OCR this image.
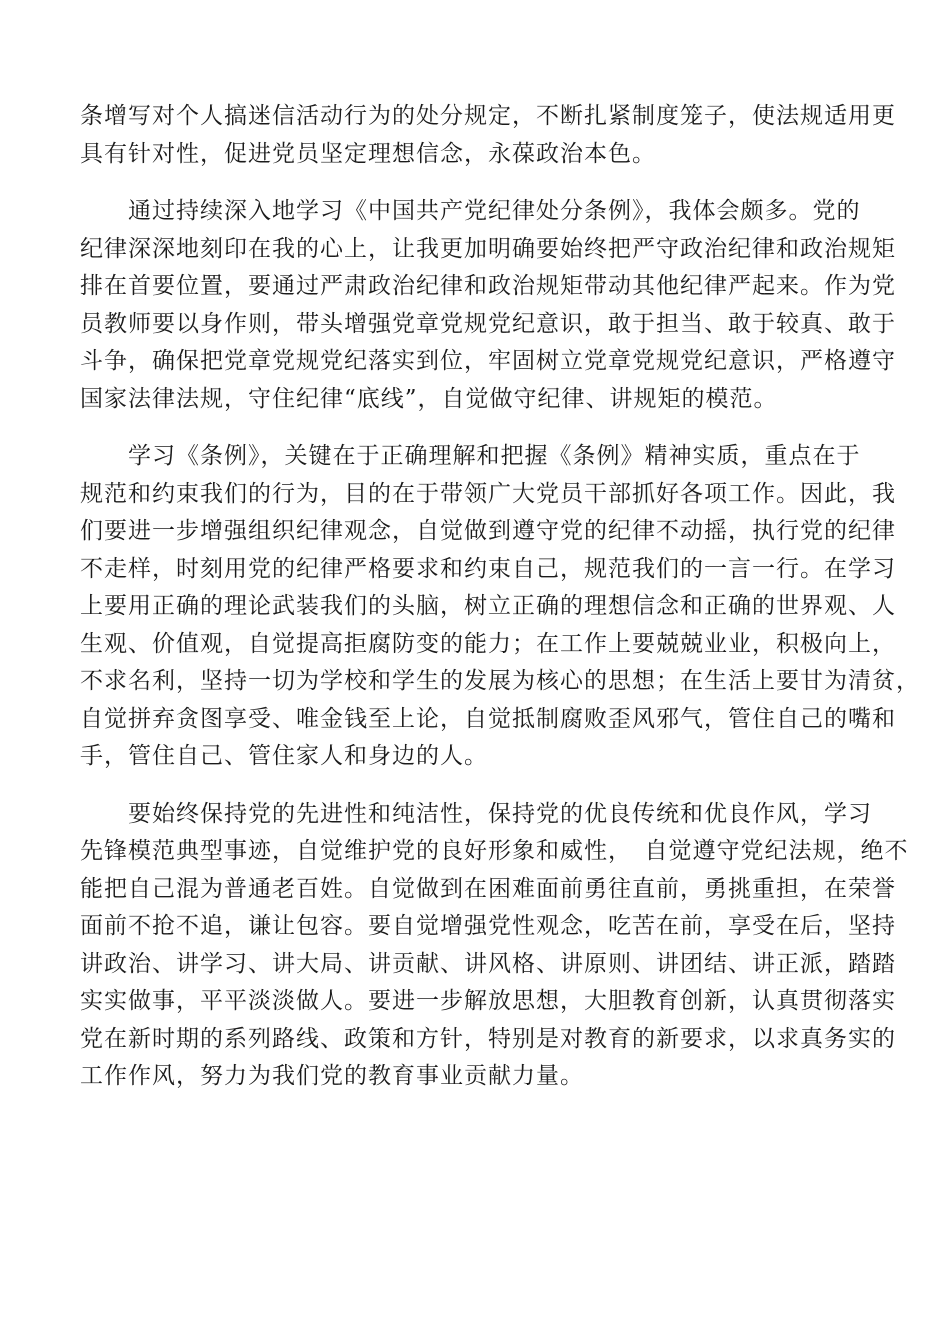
条增写对个人搞迷信活动行为的处分规定，不断扎紧制度笼子，使法规适用更
具有针对性，促进党员坚定理想信念，永葆政治本色。

　　通过持续深入地学习《中国共产党纪律处分条例》，我体会颇多。党的
纪律深深地刻印在我的心上，让我更加明确要始终把严守政治纪律和政治规矩
排在首要位置，要通过严肃政治纪律和政治规矩带动其他纪律严起来。作为党
员教师要以身作则，带头增强党章党规党纪意识，敢于担当、敢于较真、敢于
斗争，确保把党章党规党纪落实到位，牢固树立党章党规党纪意识，严格遵守
国家法律法规，守住纪律“底线”，自觉做守纪律、讲规矩的模范。

　　学习《条例》，关键在于正确理解和把握《条例》精神实质，重点在于
规范和约束我们的行为，目的在于带领广大党员干部抓好各项工作。因此，我
们要进一步增强组织纪律观念，自觉做到遵守党的纪律不动摇，执行党的纪律
不走样，时刻用党的纪律严格要求和约束自己，规范我们的一言一行。在学习
上要用正确的理论武装我们的头脑，树立正确的理想信念和正确的世界观、人
生观、价值观，自觉提高拒腐防变的能力；在工作上要兢兢业业，积极向上，
不求名利，坚持一切为学校和学生的发展为核心的思想；在生活上要甘为清贫，
自觉拼弃贪图享受、唯金钱至上论，自觉抵制腐败歪风邪气，管住自己的嘴和
手，管住自己、管住家人和身边的人。

　　要始终保持党的先进性和纯洁性，保持党的优良传统和优良作风，学习
先锋模范典型事迹，自觉维护党的良好形象和威性，　自觉遵守党纪法规，绝不
能把自己混为普通老百姓。自觉做到在困难面前勇往直前，勇挑重担，在荣誉
面前不抢不追，谦让包容。要自觉增强党性观念，吃苦在前，享受在后，坚持
讲政治、讲学习、讲大局、讲贡献、讲风格、讲原则、讲团结、讲正派，踏踏
实实做事，平平淡淡做人。要进一步解放思想，大胆教育创新，认真贯彻落实
党在新时期的系列路线、政策和方针，特别是对教育的新要求，以求真务实的
工作作风，努力为我们党的教育事业贡献力量。
